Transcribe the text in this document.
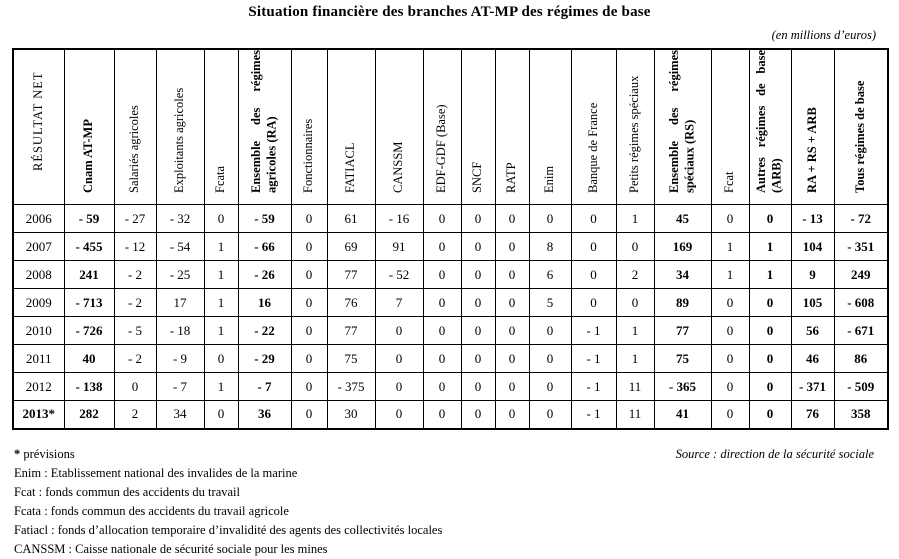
Situation financière des branches AT-MP des régimes de base
(en millions d’euros)
RÉSULTAT NET	Cnam AT-MP	Salariés agricoles	Exploitants agricoles	Fcata	Ensemble des régimes agricoles (RA)	Fonctionnaires	FATIACL	CANSSM	EDF-GDF (Base)	SNCF	RATP	Enim	Banque de France	Petits régimes spéciaux	Ensemble des régimes spéciaux (RS)	Fcat	Autres régimes de base (ARB)	RA + RS + ARB	Tous régimes de base
2006	- 59	- 27	- 32	0	- 59	0	61	- 16	0	0	0	0	0	1	45	0	0	- 13	- 72
2007	- 455	- 12	- 54	1	- 66	0	69	91	0	0	0	8	0	0	169	1	1	104	- 351
2008	241	- 2	- 25	1	- 26	0	77	- 52	0	0	0	6	0	2	34	1	1	9	249
2009	- 713	- 2	17	1	16	0	76	7	0	0	0	5	0	0	89	0	0	105	- 608
2010	- 726	- 5	- 18	1	- 22	0	77	0	0	0	0	0	- 1	1	77	0	0	56	- 671
2011	40	- 2	- 9	0	- 29	0	75	0	0	0	0	0	- 1	1	75	0	0	46	86
2012	- 138	0	- 7	1	- 7	0	- 375	0	0	0	0	0	- 1	11	- 365	0	0	- 371	- 509
2013*	282	2	34	0	36	0	30	0	0	0	0	0	- 1	11	41	0	0	76	358
* prévisions	Source : direction de la sécurité sociale
Enim : Etablissement national des invalides de la marine
Fcat : fonds commun des accidents du travail
Fcata : fonds commun des accidents du travail agricole
Fatiacl : fonds d’allocation temporaire d’invalidité des agents des collectivités locales
CANSSM : Caisse nationale de sécurité sociale pour les mines
